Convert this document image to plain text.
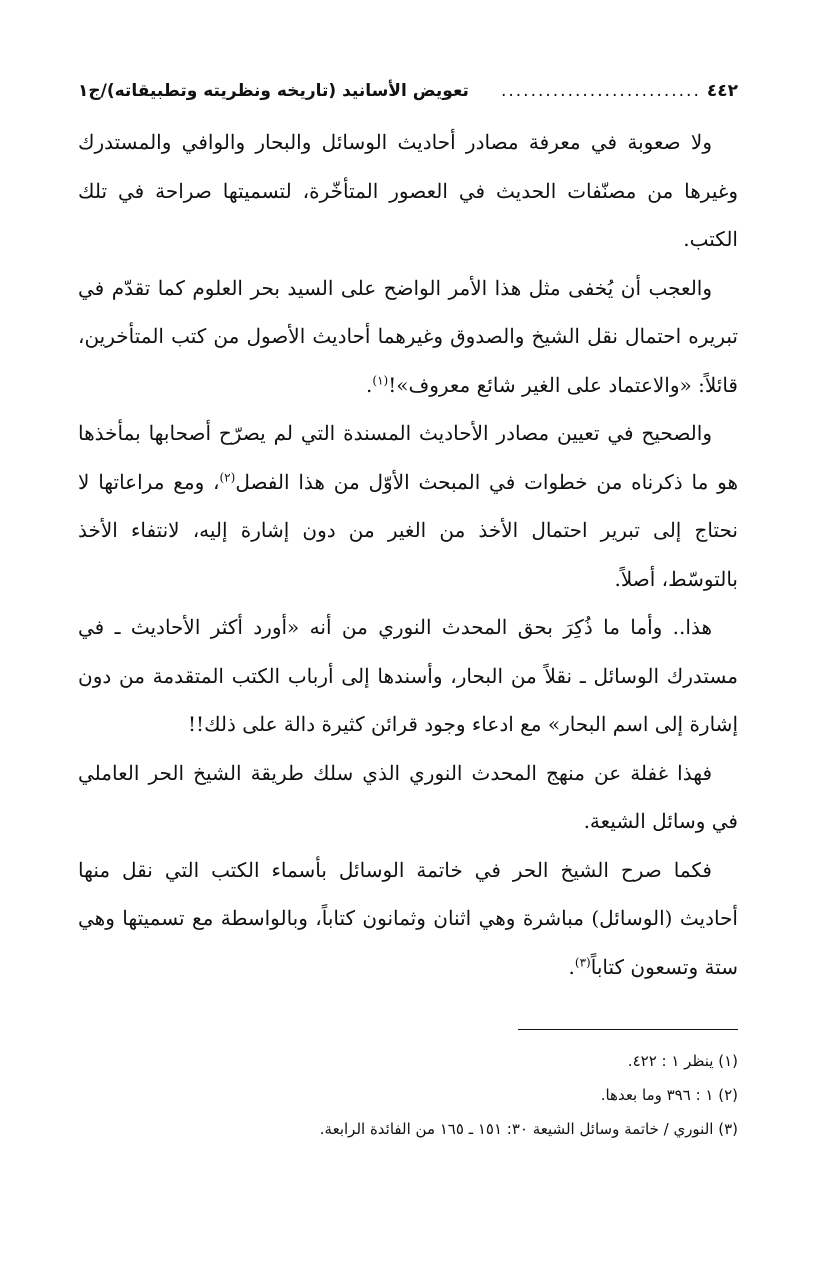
٤٤٢
...........................
تعويض الأسانيد (تاريخه ونظريته وتطبيقاته)/ج١

ولا صعوبة في معرفة مصادر أحاديث الوسائل والبحار والوافي والمستدرك وغيرها من مصنّفات الحديث في العصور المتأخّرة، لتسميتها صراحة في تلك الكتب.

والعجب أن يُخفى مثل هذا الأمر الواضح على السيد بحر العلوم كما تقدّم في تبريره احتمال نقل الشيخ والصدوق وغيرهما أحاديث الأصول من كتب المتأخرين، قائلاً: «والاعتماد على الغير شائع معروف»!$^{(١)}$.

والصحيح في تعيين مصادر الأحاديث المسندة التي لم يصرّح أصحابها بمأخذها هو ما ذكرناه من خطوات في المبحث الأوّل من هذا الفصل$^{(٢)}$، ومع مراعاتها لا نحتاج إلى تبرير احتمال الأخذ من الغير من دون إشارة إليه، لانتفاء الأخذ بالتوسّط، أصلاً.

هذا.. وأما ما ذُكِرَ بحق المحدث النوري من أنه «أورد أكثر الأحاديث ـ في مستدرك الوسائل ـ نقلاً من البحار، وأسندها إلى أرباب الكتب المتقدمة من دون إشارة إلى اسم البحار» مع ادعاء وجود قرائن كثيرة دالة على ذلك!!

فهذا غفلة عن منهج المحدث النوري الذي سلك طريقة الشيخ الحر العاملي في وسائل الشيعة.

فكما صرح الشيخ الحر في خاتمة الوسائل بأسماء الكتب التي نقل منها أحاديث (الوسائل) مباشرة وهي اثنان وثمانون كتاباً، وبالواسطة مع تسميتها وهي ستة وتسعون كتاباً$^{(٣)}$.

(١) ينظر ١ : ٤٢٢.

(٢) ١ : ٣٩٦ وما بعدها.

(٣) النوري / خاتمة وسائل الشيعة ٣٠: ١٥١ ـ ١٦٥ من الفائدة الرابعة.
